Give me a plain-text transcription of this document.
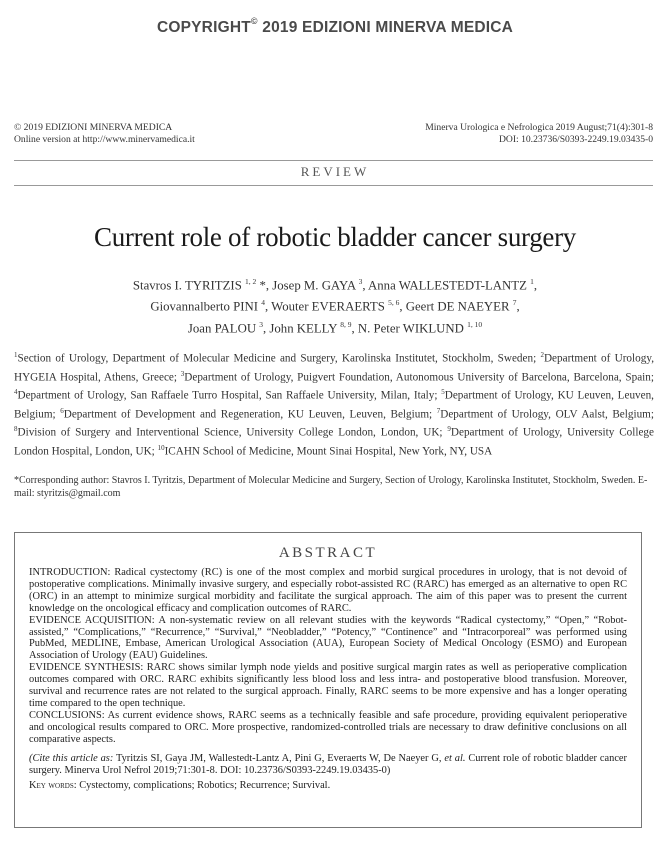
COPYRIGHT© 2019 EDIZIONI MINERVA MEDICA
© 2019 EDIZIONI MINERVA MEDICA
Online version at http://www.minervamedica.it
Minerva Urologica e Nefrologica 2019 August;71(4):301-8
DOI: 10.23736/S0393-2249.19.03435-0
REVIEW
Current role of robotic bladder cancer surgery
Stavros I. TYRITZIS $^{1, 2}$ *, Josep M. GAYA $^3$, Anna WALLESTEDT-LANTZ $^1$,
Giovannalberto PINI $^4$, Wouter EVERAERTS $^{5, 6}$, Geert DE NAEYER $^7$,
Joan PALOU $^3$, John KELLY $^{8, 9}$, N. Peter WIKLUND $^{1, 10}$

$^1$Section of Urology, Department of Molecular Medicine and Surgery, Karolinska Institutet, Stockholm, Sweden; $^2$Department of Urology, HYGEIA Hospital, Athens, Greece; $^3$Department of Urology, Puigvert Foundation, Autonomous University of Barcelona, Barcelona, Spain; $^4$Department of Urology, San Raffaele Turro Hospital, San Raffaele University, Milan, Italy; $^5$Department of Urology, KU Leuven, Leuven, Belgium; $^6$Department of Development and Regeneration, KU Leuven, Leuven, Belgium; $^7$Department of Urology, OLV Aalst, Belgium; $^8$Division of Surgery and Interventional Science, University College London, London, UK; $^9$Department of Urology, University College London Hospital, London, UK; $^{10}$ICAHN School of Medicine, Mount Sinai Hospital, New York, NY, USA

*Corresponding author: Stavros I. Tyritzis, Department of Molecular Medicine and Surgery, Section of Urology, Karolinska Institutet, Stockholm, Sweden. E-mail: styritzis@gmail.com
ABSTRACT

INTRODUCTION: Radical cystectomy (RC) is one of the most complex and morbid surgical procedures in urology, that is not devoid of postoperative complications. Minimally invasive surgery, and especially robot-assisted RC (RARC) has emerged as an alternative to open RC (ORC) in an attempt to minimize surgical morbidity and facilitate the surgical approach. The aim of this paper was to present the current knowledge on the oncological efficacy and complication outcomes of RARC.

EVIDENCE ACQUISITION: A non-systematic review on all relevant studies with the keywords “Radical cystectomy,” “Open,” “Robot-assisted,” “Complications,” “Recurrence,” “Survival,” “Neobladder,” “Potency,” “Continence” and “Intracorporeal” was performed using PubMed, MEDLINE, Embase, American Urological Association (AUA), European Society of Medical Oncology (ESMO) and European Association of Urology (EAU) Guidelines.

EVIDENCE SYNTHESIS: RARC shows similar lymph node yields and positive surgical margin rates as well as perioperative complication outcomes compared with ORC. RARC exhibits significantly less blood loss and less intra- and postoperative blood transfusion. Moreover, survival and recurrence rates are not related to the surgical approach. Finally, RARC seems to be more expensive and has a longer operating time compared to the open technique.

CONCLUSIONS: As current evidence shows, RARC seems as a technically feasible and safe procedure, providing equivalent perioperative and oncological results compared to ORC. More prospective, randomized-controlled trials are necessary to draw definitive conclusions on all comparative aspects.

(Cite this article as: Tyritzis SI, Gaya JM, Wallestedt-Lantz A, Pini G, Everaerts W, De Naeyer G, et al. Current role of robotic bladder cancer surgery. Minerva Urol Nefrol 2019;71:301-8. DOI: 10.23736/S0393-2249.19.03435-0)

Key words: Cystectomy, complications; Robotics; Recurrence; Survival.
